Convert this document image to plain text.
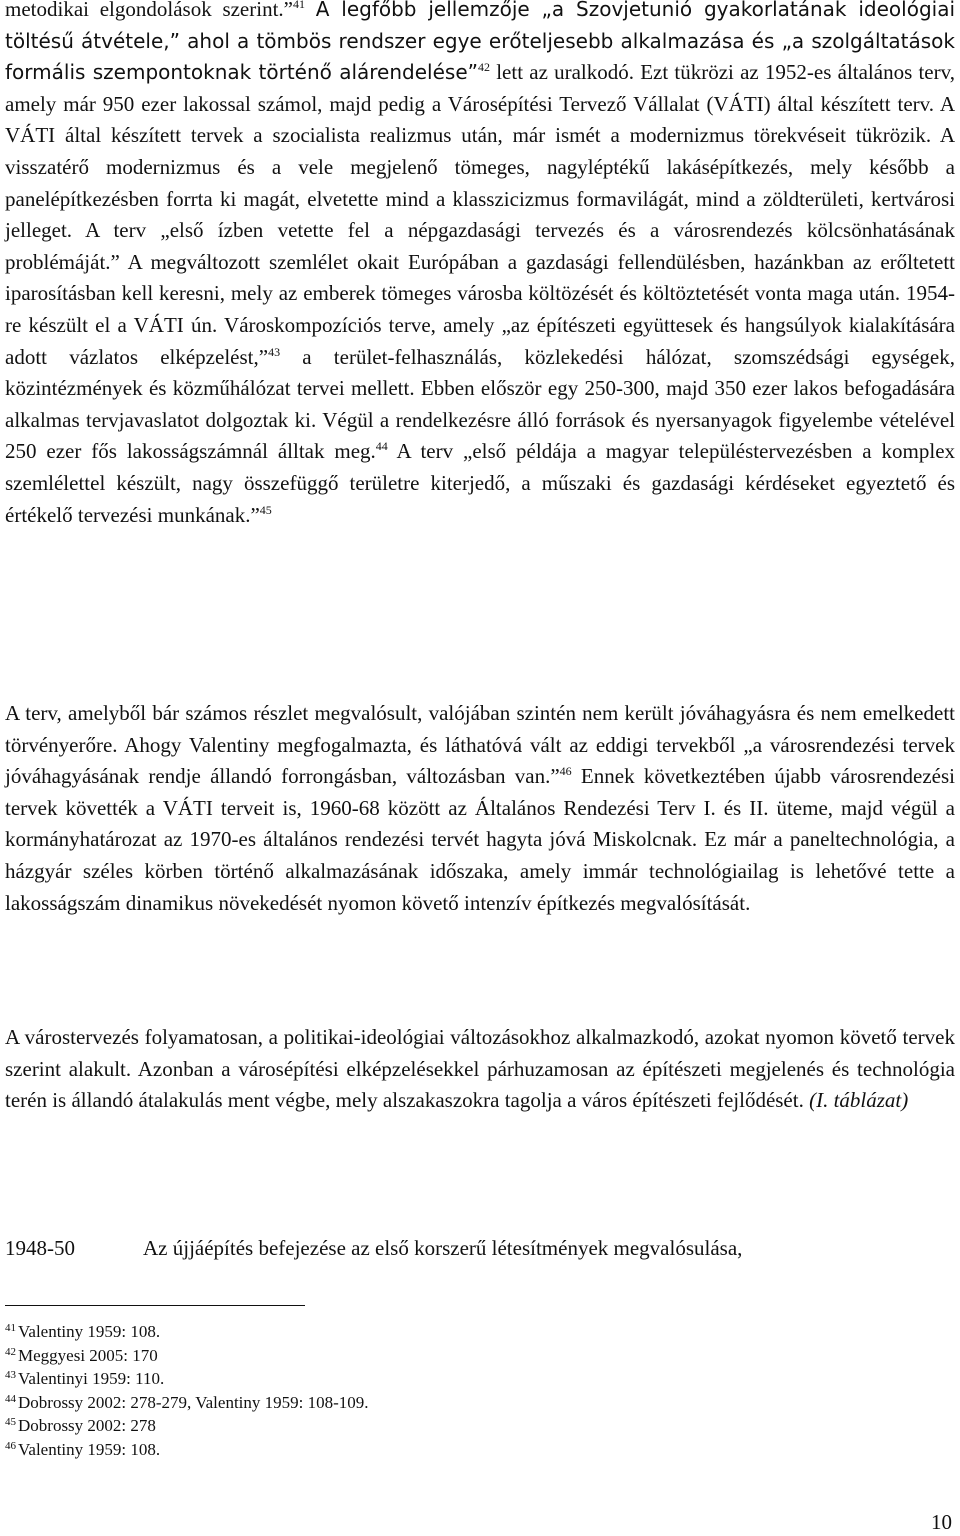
metodikai elgondolások szerint.”$^{41}$ A legfőbb jellemzője „a Szovjetunió gyakorlatának ideológiai töltésű átvétele,” ahol a tömbös rendszer egye erőteljesebb alkalmazása és „a szolgáltatások formális szempontoknak történő alárendelése”$^{42}$ lett az uralkodó. Ezt tükrözi az 1952-es általános terv, amely már 950 ezer lakossal számol, majd pedig a Városépítési Tervező Vállalat (VÁTI) által készített terv. A VÁTI által készített tervek a szocialista realizmus után, már ismét a modernizmus törekvéseit tükrözik. A visszatérő modernizmus és a vele megjelenő tömeges, nagyléptékű lakásépítkezés, mely később a panelépítkezésben forrta ki magát, elvetette mind a klasszicizmus formavilágát, mind a zöldterületi, kertvárosi jelleget. A terv „első ízben vetette fel a népgazdasági tervezés és a városrendezés kölcsönhatásának problémáját.” A megváltozott szemlélet okait Európában a gazdasági fellendülésben, hazánkban az erőltetett iparosításban kell keresni, mely az emberek tömeges városba költözését és költöztetését vonta maga után. 1954-re készült el a VÁTI ún. Városkompozíciós terve, amely „az építészeti együttesek és hangsúlyok kialakítására adott vázlatos elképzelést,”$^{43}$ a terület-felhasználás, közlekedési hálózat, szomszédsági egységek, közintézmények és közműhálózat tervei mellett. Ebben először egy 250-300, majd 350 ezer lakos befogadására alkalmas tervjavaslatot dolgoztak ki. Végül a rendelkezésre álló források és nyersanyagok figyelembe vételével 250 ezer fős lakosságszámnál álltak meg.$^{44}$ A terv „első példája a magyar településtervezésben a komplex szemlélettel készült, nagy összefüggő területre kiterjedő, a műszaki és gazdasági kérdéseket egyeztető és értékelő tervezési munkának.”$^{45}$

A terv, amelyből bár számos részlet megvalósult, valójában szintén nem került jóváhagyásra és nem emelkedett törvényerőre. Ahogy Valentiny megfogalmazta, és láthatóvá vált az eddigi tervekből „a városrendezési tervek jóváhagyásának rendje állandó forrongásban, változásban van.”$^{46}$ Ennek következtében újabb városrendezési tervek követték a VÁTI terveit is, 1960-68 között az Általános Rendezési Terv I. és II. üteme, majd végül a kormányhatározat az 1970-es általános rendezési tervét hagyta jóvá Miskolcnak. Ez már a paneltechnológia, a házgyár széles körben történő alkalmazásának időszaka, amely immár technológiailag is lehetővé tette a lakosságszám dinamikus növekedését nyomon követő intenzív építkezés megvalósítását.

A várostervezés folyamatosan, a politikai-ideológiai változásokhoz alkalmazkodó, azokat nyomon követő tervek szerint alakult. Azonban a városépítési elképzelésekkel párhuzamosan az építészeti megjelenés és technológia terén is állandó átalakulás ment végbe, mely alszakaszokra tagolja a város építészeti fejlődését. (I. táblázat)

1948-50	Az újjáépítés befejezése az első korszerű létesítmények megvalósulása,
$^{41}$ Valentiny 1959: 108.
$^{42}$ Meggyesi 2005: 170
$^{43}$ Valentinyi 1959: 110.
$^{44}$ Dobrossy 2002: 278-279, Valentiny 1959: 108-109.
$^{45}$ Dobrossy 2002: 278
$^{46}$ Valentiny 1959: 108.
10
